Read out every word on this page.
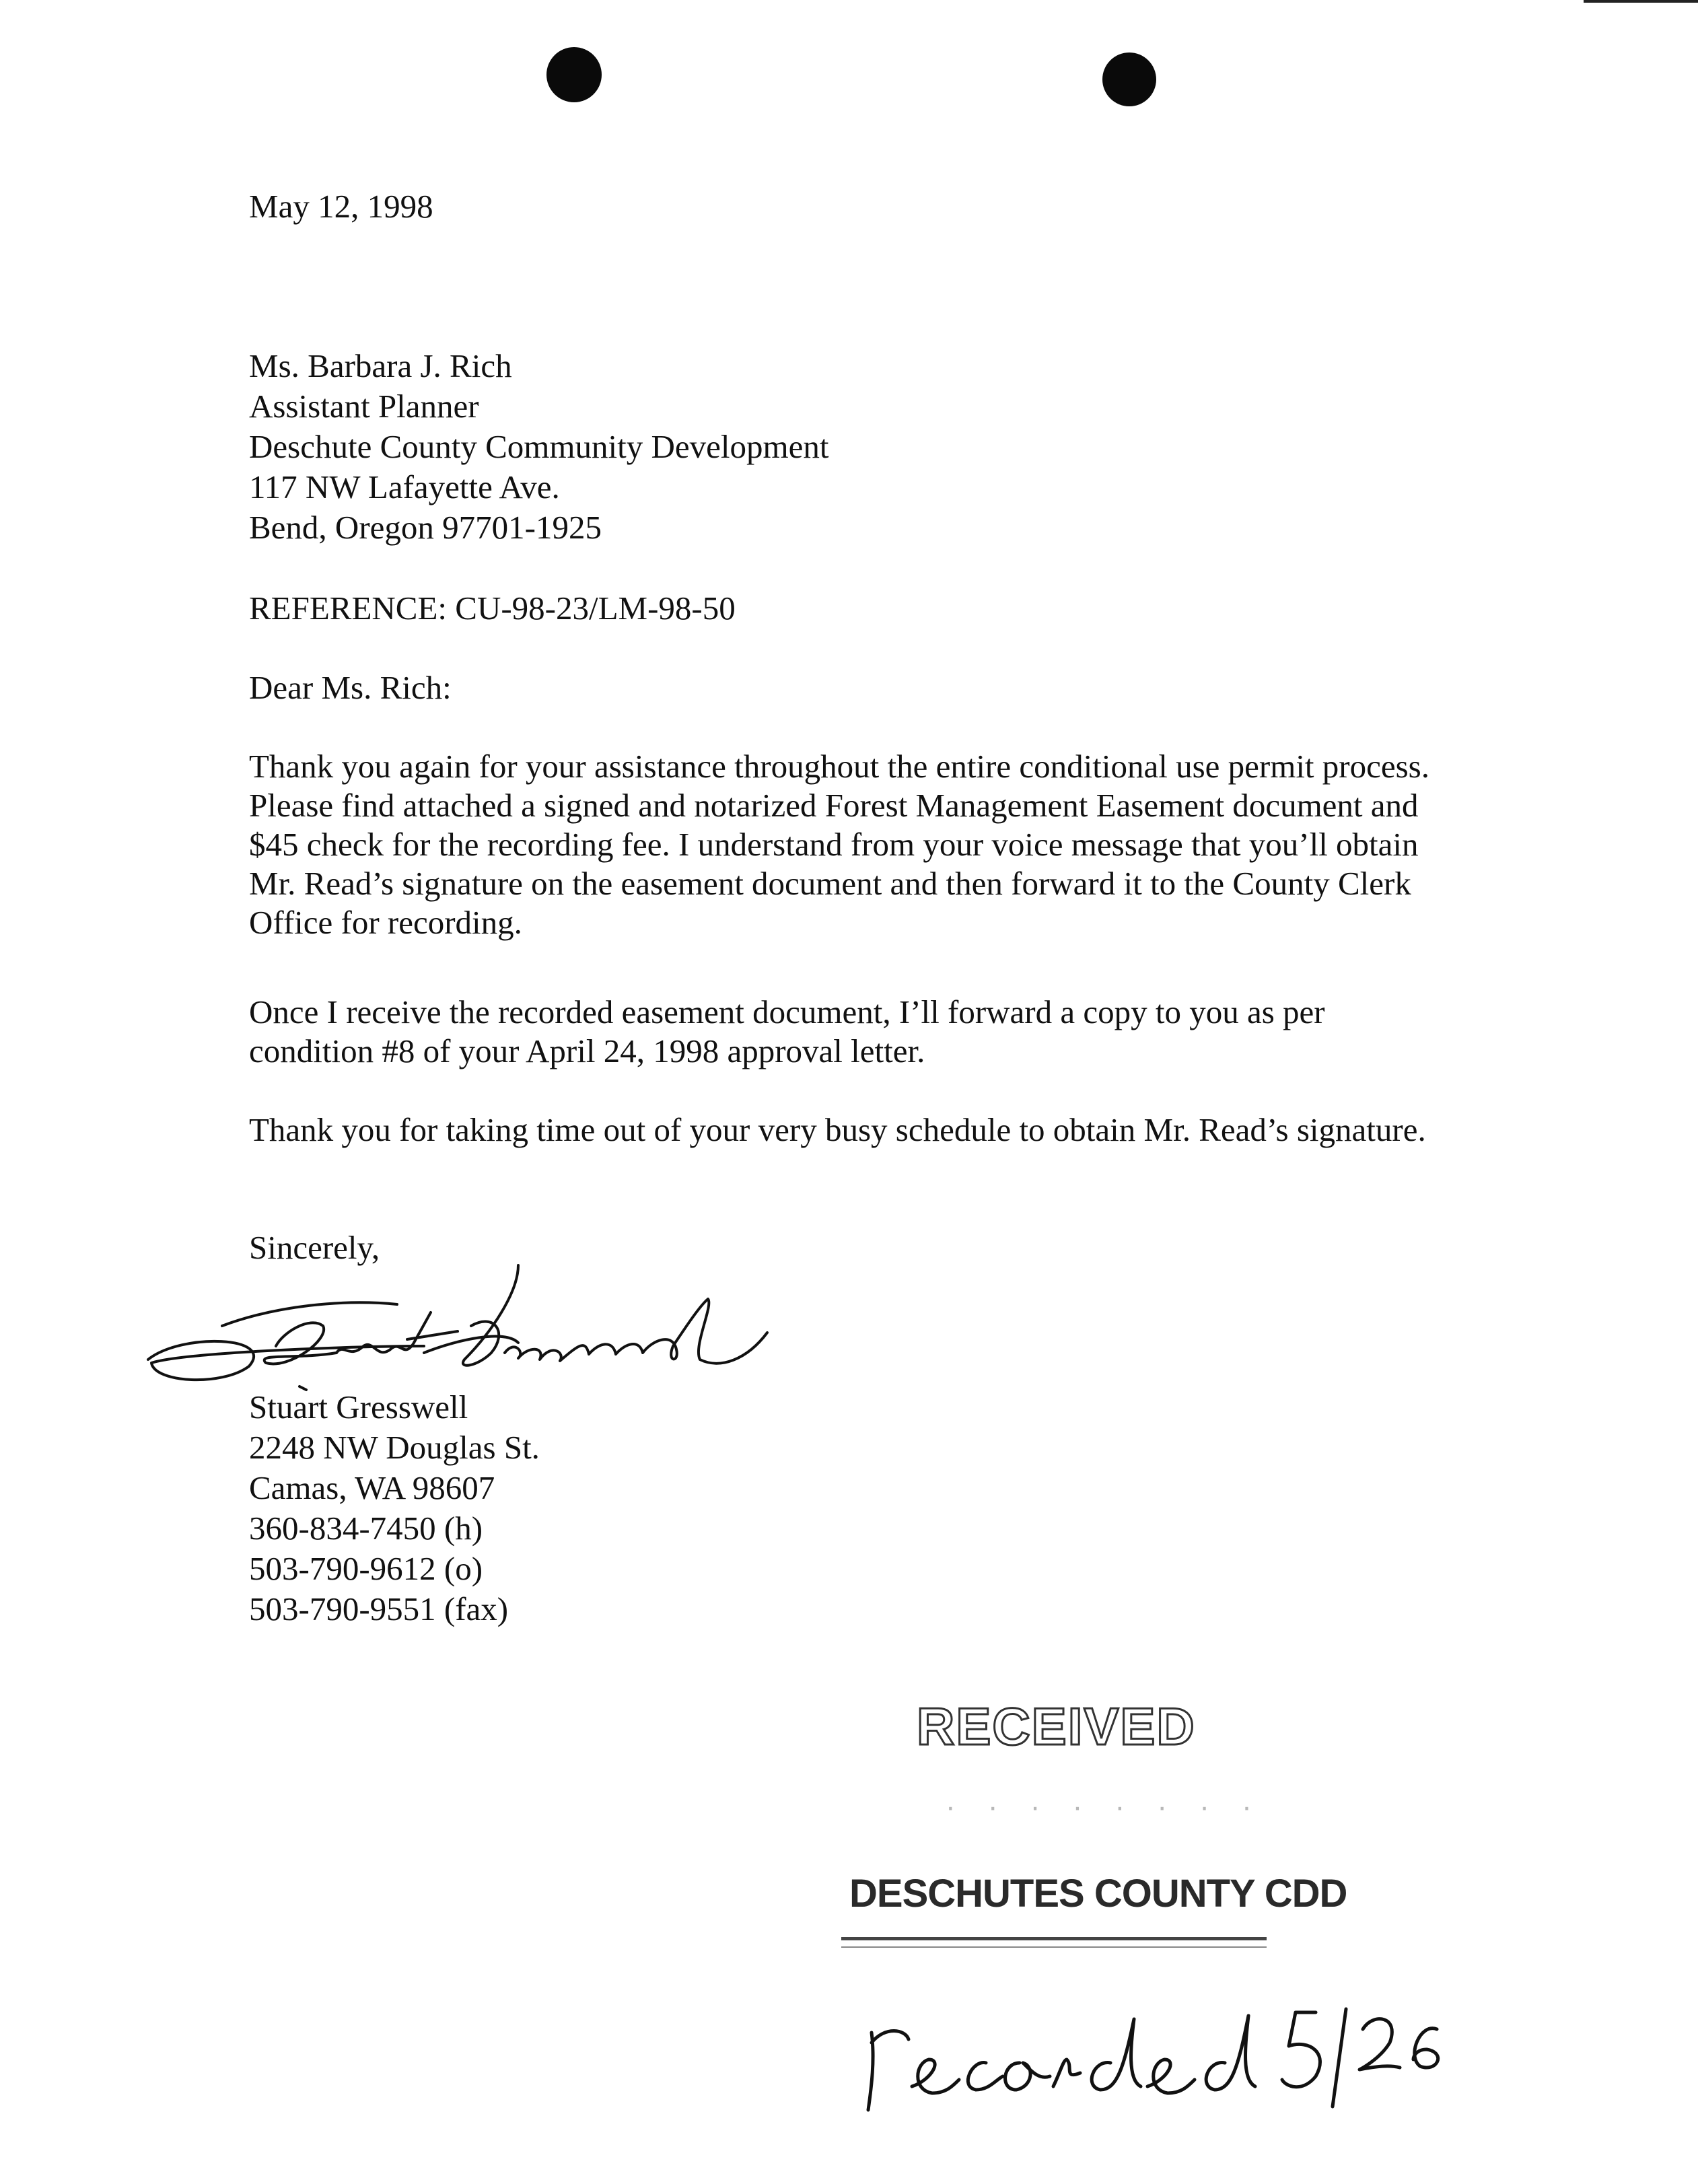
May 12, 1998
Ms. Barbara J. Rich
Assistant Planner
Deschute County Community Development
117 NW Lafayette Ave.
Bend, Oregon 97701-1925
REFERENCE: CU-98-23/LM-98-50
Dear Ms. Rich:

Thank you again for your assistance throughout the entire conditional use permit process.

Please find attached a signed and notarized Forest Management Easement document and

$45 check for the recording fee. I understand from your voice message that you’ll obtain

Mr. Read’s signature on the easement document and then forward it to the County Clerk

Office for recording.

Once I receive the recorded easement document, I’ll forward a copy to you as per

condition #8 of your April 24, 1998 approval letter.

Thank you for taking time out of your very busy schedule to obtain Mr. Read’s signature.

Sincerely,
Stuart Gresswell
2248 NW Douglas St.
Camas, WA 98607
360-834-7450 (h)
503-790-9612 (o)
503-790-9551 (fax)
RECEIVED
· · · · · · · ·
DESCHUTES COUNTY CDD
